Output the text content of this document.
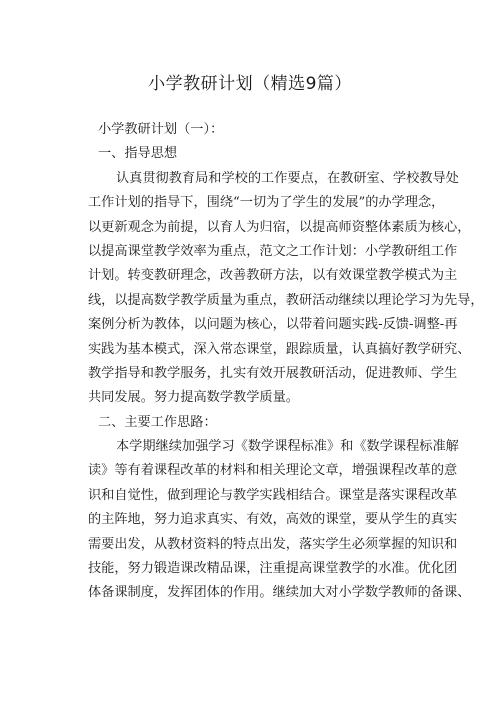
小学教研计划（精选9篇）
小学教研计划（一）：
一、指导思想
认真贯彻教育局和学校的工作要点，在教研室、学校教导处
工作计划的指导下，围绕“一切为了学生的发展”的办学理念，
以更新观念为前提，以育人为归宿，以提高师资整体素质为核心，
以提高课堂教学效率为重点，范文之工作计划：小学教研组工作
计划。转变教研理念，改善教研方法，以有效课堂教学模式为主
线，以提高数学教学质量为重点，教研活动继续以理论学习为先导，
案例分析为教体，以问题为核心，以带着问题实践-反馈-调整-再
实践为基本模式，深入常态课堂，跟踪质量，认真搞好教学研究、
教学指导和教学服务，扎实有效开展教研活动，促进教师、学生
共同发展。努力提高数学教学质量。
二、主要工作思路：
本学期继续加强学习《数学课程标准》和《数学课程标准解
读》等有着课程改革的材料和相关理论文章，增强课程改革的意
识和自觉性，做到理论与教学实践相结合。课堂是落实课程改革
的主阵地，努力追求真实、有效，高效的课堂，要从学生的真实
需要出发，从教材资料的特点出发，落实学生必须掌握的知识和
技能，努力锻造课改精品课，注重提高课堂教学的水准。优化团
体备课制度，发挥团体的作用。继续加大对小学数学教师的备课、
